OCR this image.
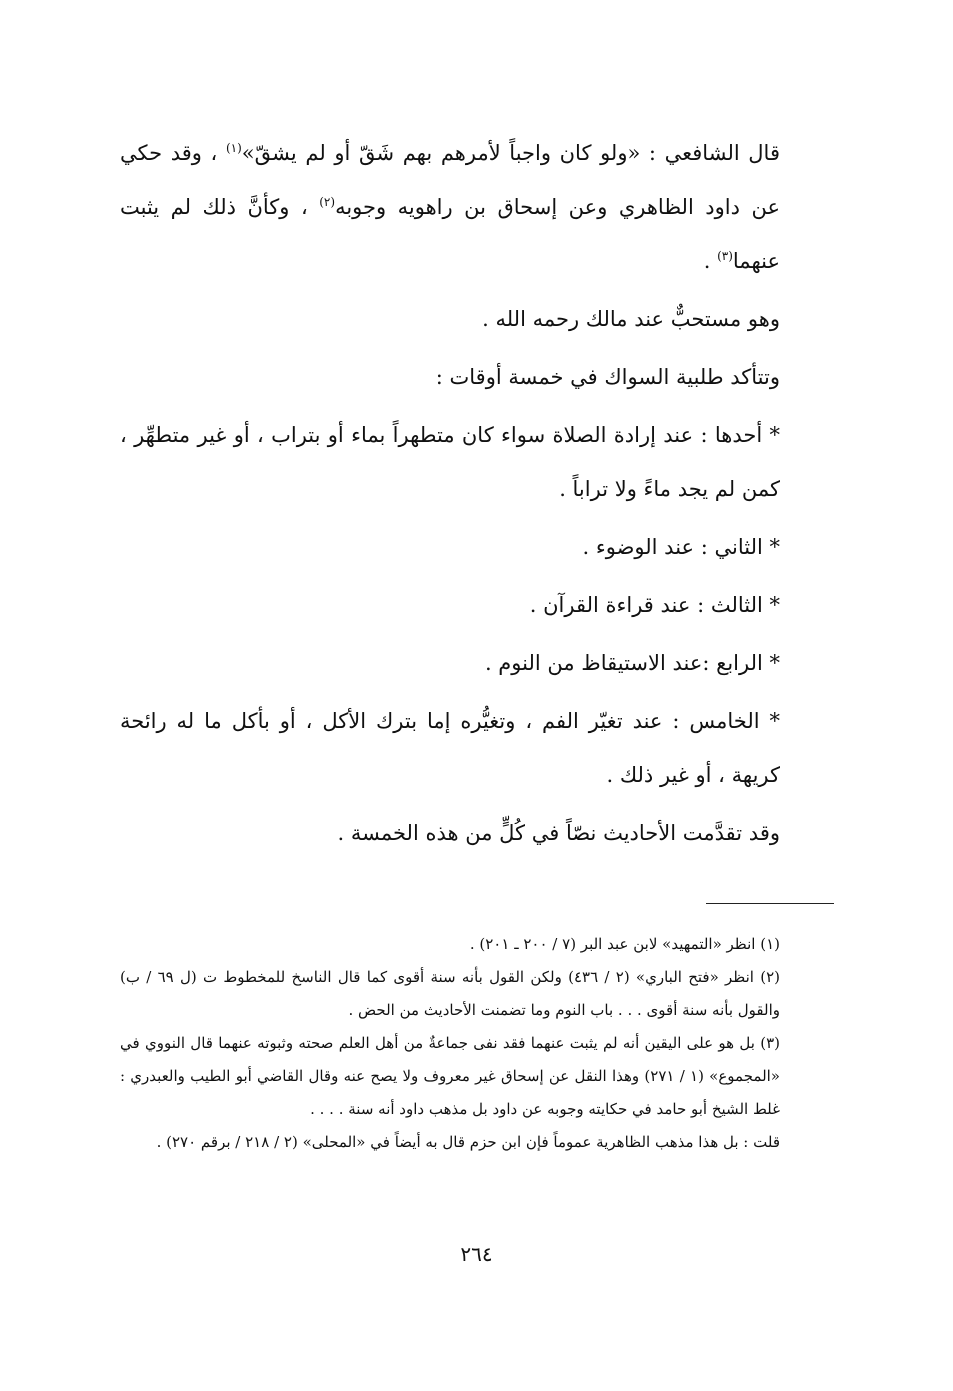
قال الشافعي : «ولو كان واجباً لأمرهم بهم شَقّ أو لم يشقّ»$^{(١)}$ ، وقد حكي عن داود الظاهري وعن إسحاق بن راهويه وجوبه$^{(٢)}$ ، وكأنَّ ذلك لم يثبت عنهما$^{(٣)}$ .

وهو مستحبٌّ عند مالك رحمه الله .

وتتأكد طلبية السواك في خمسة أوقات :

* أحدها : عند إرادة الصلاة سواء كان متطهراً بماء أو بتراب ، أو غير متطهِّر ، كمن لم يجد ماءً ولا تراباً .

* الثاني : عند الوضوء .

* الثالث : عند قراءة القرآن .

* الرابع :عند الاستيقاظ من النوم .

* الخامس : عند تغيّر الفم ، وتغيُّره إما بترك الأكل ، أو بأكل ما له رائحة كريهة ، أو غير ذلك .

وقد تقدَّمت الأحاديث نصّاً في كُلٍّ من هذه الخمسة .

(١) انظر «التمهيد» لابن عبد البر (٧ / ٢٠٠ ـ ٢٠١) .

(٢) انظر «فتح الباري» (٢ / ٤٣٦) ولكن القول بأنه سنة أقوى كما قال الناسخ للمخطوط ت (ل ٦٩ / ب) والقول بأنه سنة أقوى . . . باب النوم وما تضمنت الأحاديث من الحض .

(٣) بل هو على اليقين أنه لم يثبت عنهما فقد نفى جماعةٌ من أهل العلم صحته وثبوته عنهما قال النووي في «المجموع» (١ / ٢٧١) وهذا النقل عن إسحاق غير معروف ولا يصح عنه وقال القاضي أبو الطيب والعبدري : غلط الشيخ أبو حامد في حكايته وجوبه عن داود بل مذهب داود أنه سنة . . . .

قلت : بل هذا مذهب الظاهرية عموماً فإن ابن حزم قال به أيضاً في «المحلى» (٢ / ٢١٨ / برقم ٢٧٠) .

٢٦٤
